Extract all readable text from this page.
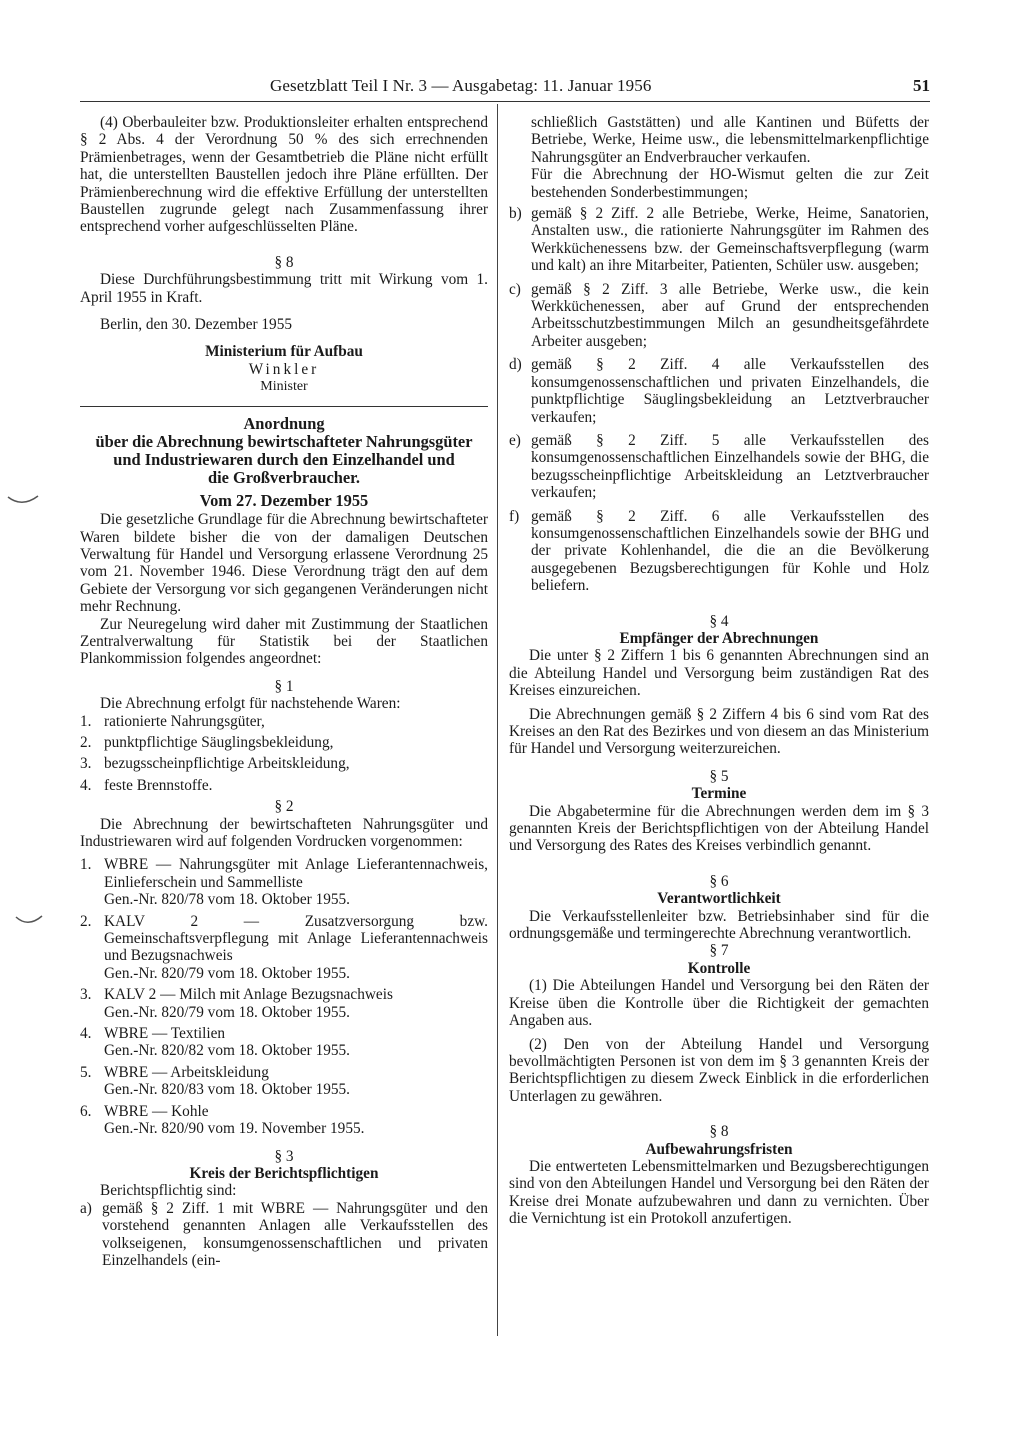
Gesetzblatt Teil I Nr. 3 — Ausgabetag: 11. Januar 1956	51

(4) Oberbauleiter bzw. Produktionsleiter erhalten entsprechend § 2 Abs. 4 der Verordnung 50 % des sich errechnenden Prämienbetrages, wenn der Gesamtbetrieb die Pläne nicht erfüllt hat, die unterstellten Baustellen jedoch ihre Pläne erfüllten. Der Prämienberechnung wird die effektive Erfüllung der unterstellten Baustellen zugrunde gelegt nach Zusammenfassung ihrer entsprechend vorher aufgeschlüsselten Pläne.

§ 8

Diese Durchführungsbestimmung tritt mit Wirkung vom 1. April 1955 in Kraft.

Berlin, den 30. Dezember 1955

Ministerium für Aufbau

Winkler

Minister

Anordnung

über die Abrechnung bewirtschafteter Nahrungsgüter

und Industriewaren durch den Einzelhandel und

die Großverbraucher.

Vom 27. Dezember 1955

Die gesetzliche Grundlage für die Abrechnung bewirtschafteter Waren bildete bisher die von der damaligen Deutschen Verwaltung für Handel und Versorgung erlassene Verordnung 25 vom 21. November 1946. Diese Verordnung trägt den auf dem Gebiete der Versorgung vor sich gegangenen Veränderungen nicht mehr Rechnung.

Zur Neuregelung wird daher mit Zustimmung der Staatlichen Zentralverwaltung für Statistik bei der Staatlichen Plankommission folgendes angeordnet:

§ 1

Die Abrechnung erfolgt für nachstehende Waren:

1. rationierte Nahrungsgüter,
2. punktpflichtige Säuglingsbekleidung,
3. bezugsscheinpflichtige Arbeitskleidung,
4. feste Brennstoffe.

§ 2

Die Abrechnung der bewirtschafteten Nahrungsgüter und Industriewaren wird auf folgenden Vordrucken vorgenommen:

1. WBRE — Nahrungsgüter mit Anlage Lieferantennachweis, Einlieferschein und Sammelliste
Gen.-Nr. 820/78 vom 18. Oktober 1955.
2. KALV 2 — Zusatzversorgung bzw. Gemeinschaftsverpflegung mit Anlage Lieferantennachweis und Bezugsnachweis
Gen.-Nr. 820/79 vom 18. Oktober 1955.
3. KALV 2 — Milch mit Anlage Bezugsnachweis
Gen.-Nr. 820/79 vom 18. Oktober 1955.
4. WBRE — Textilien
Gen.-Nr. 820/82 vom 18. Oktober 1955.
5. WBRE — Arbeitskleidung
Gen.-Nr. 820/83 vom 18. Oktober 1955.
6. WBRE — Kohle
Gen.-Nr. 820/90 vom 19. November 1955.

§ 3

Kreis der Berichtspflichtigen

Berichtspflichtig sind:

a) gemäß § 2 Ziff. 1 mit WBRE — Nahrungsgüter und den vorstehend genannten Anlagen alle Verkaufsstellen des volkseigenen, konsumgenossenschaftlichen und privaten Einzelhandels (ein-

schließlich Gaststätten) und alle Kantinen und Büfetts der Betriebe, Werke, Heime usw., die lebensmittelmarkenpflichtige Nahrungsgüter an Endverbraucher verkaufen.

Für die Abrechnung der HO-Wismut gelten die zur Zeit bestehenden Sonderbestimmungen;

b) gemäß § 2 Ziff. 2 alle Betriebe, Werke, Heime, Sanatorien, Anstalten usw., die rationierte Nahrungsgüter im Rahmen des Werkküchenessens bzw. der Gemeinschaftsverpflegung (warm und kalt) an ihre Mitarbeiter, Patienten, Schüler usw. ausgeben;
c) gemäß § 2 Ziff. 3 alle Betriebe, Werke usw., die kein Werkküchenessen, aber auf Grund der entsprechenden Arbeitsschutzbestimmungen Milch an gesundheitsgefährdete Arbeiter ausgeben;
d) gemäß § 2 Ziff. 4 alle Verkaufsstellen des konsumgenossenschaftlichen und privaten Einzelhandels, die punktpflichtige Säuglingsbekleidung an Letztverbraucher verkaufen;
e) gemäß § 2 Ziff. 5 alle Verkaufsstellen des konsumgenossenschaftlichen Einzelhandels sowie der BHG, die bezugsscheinpflichtige Arbeitskleidung an Letztverbraucher verkaufen;
f) gemäß § 2 Ziff. 6 alle Verkaufsstellen des konsumgenossenschaftlichen Einzelhandels sowie der BHG und der private Kohlenhandel, die die an die Bevölkerung ausgegebenen Bezugsberechtigungen für Kohle und Holz beliefern.

§ 4

Empfänger der Abrechnungen

Die unter § 2 Ziffern 1 bis 6 genannten Abrechnungen sind an die Abteilung Handel und Versorgung beim zuständigen Rat des Kreises einzureichen.

Die Abrechnungen gemäß § 2 Ziffern 4 bis 6 sind vom Rat des Kreises an den Rat des Bezirkes und von diesem an das Ministerium für Handel und Versorgung weiterzureichen.

§ 5

Termine

Die Abgabetermine für die Abrechnungen werden dem im § 3 genannten Kreis der Berichtspflichtigen von der Abteilung Handel und Versorgung des Rates des Kreises verbindlich genannt.

§ 6

Verantwortlichkeit

Die Verkaufsstellenleiter bzw. Betriebsinhaber sind für die ordnungsgemäße und termingerechte Abrechnung verantwortlich.

§ 7

Kontrolle

(1) Die Abteilungen Handel und Versorgung bei den Räten der Kreise üben die Kontrolle über die Richtigkeit der gemachten Angaben aus.

(2) Den von der Abteilung Handel und Versorgung bevollmächtigten Personen ist von dem im § 3 genannten Kreis der Berichtspflichtigen zu diesem Zweck Einblick in die erforderlichen Unterlagen zu gewähren.

§ 8

Aufbewahrungsfristen

Die entwerteten Lebensmittelmarken und Bezugsberechtigungen sind von den Abteilungen Handel und Versorgung bei den Räten der Kreise drei Monate aufzubewahren und dann zu vernichten. Über die Vernichtung ist ein Protokoll anzufertigen.
